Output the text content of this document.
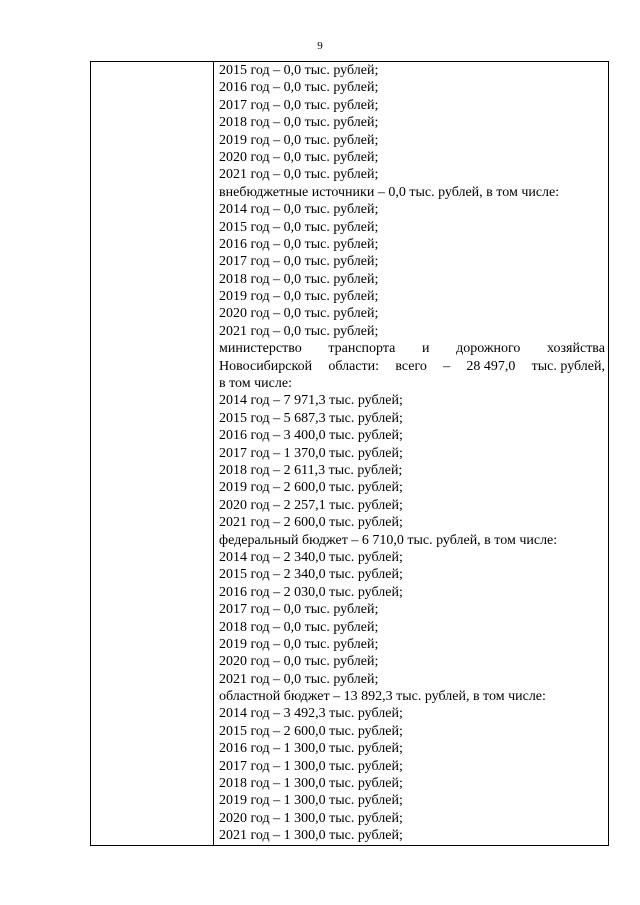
9

2015 год – 0,0 тыс. рублей;
2016 год – 0,0 тыс. рублей;
2017 год – 0,0 тыс. рублей;
2018 год – 0,0 тыс. рублей;
2019 год – 0,0 тыс. рублей;
2020 год – 0,0 тыс. рублей;
2021 год – 0,0 тыс. рублей;
внебюджетные источники – 0,0 тыс. рублей, в том числе:
2014 год – 0,0 тыс. рублей;
2015 год – 0,0 тыс. рублей;
2016 год – 0,0 тыс. рублей;
2017 год – 0,0 тыс. рублей;
2018 год – 0,0 тыс. рублей;
2019 год – 0,0 тыс. рублей;
2020 год – 0,0 тыс. рублей;
2021 год – 0,0 тыс. рублей;
министерство транспорта и дорожного хозяйства
Новосибирской области: всего – 28 497,0 тыс. рублей,
в том числе:
2014 год – 7 971,3 тыс. рублей;
2015 год – 5 687,3 тыс. рублей;
2016 год – 3 400,0 тыс. рублей;
2017 год – 1 370,0 тыс. рублей;
2018 год – 2 611,3 тыс. рублей;
2019 год – 2 600,0 тыс. рублей;
2020 год – 2 257,1 тыс. рублей;
2021 год – 2 600,0 тыс. рублей;
федеральный бюджет – 6 710,0 тыс. рублей, в том числе:
2014 год – 2 340,0 тыс. рублей;
2015 год – 2 340,0 тыс. рублей;
2016 год – 2 030,0 тыс. рублей;
2017 год – 0,0 тыс. рублей;
2018 год – 0,0 тыс. рублей;
2019 год – 0,0 тыс. рублей;
2020 год – 0,0 тыс. рублей;
2021 год – 0,0 тыс. рублей;
областной бюджет – 13 892,3 тыс. рублей, в том числе:
2014 год – 3 492,3 тыс. рублей;
2015 год – 2 600,0 тыс. рублей;
2016 год – 1 300,0 тыс. рублей;
2017 год – 1 300,0 тыс. рублей;
2018 год – 1 300,0 тыс. рублей;
2019 год – 1 300,0 тыс. рублей;
2020 год – 1 300,0 тыс. рублей;
2021 год – 1 300,0 тыс. рублей;
